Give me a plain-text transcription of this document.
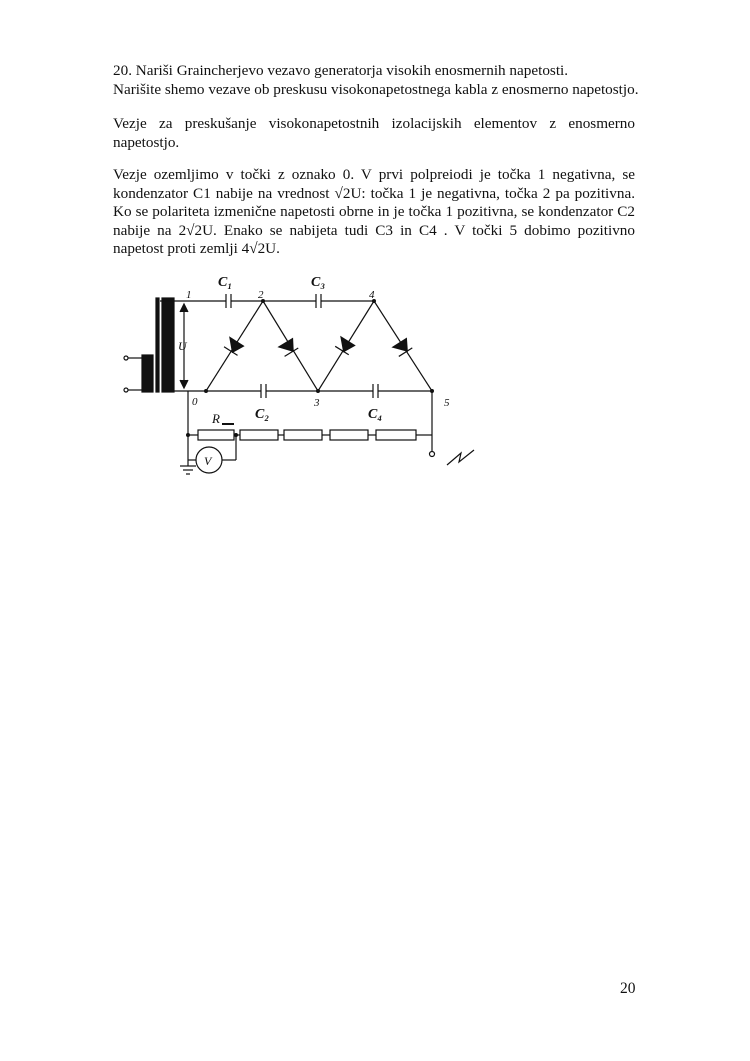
20. Nariši Graincherjevo vezavo generatorja visokih enosmernih napetosti.
Narišite shemo vezave ob preskusu visokonapetostnega kabla z enosmerno napetostjo.

Vezje za preskušanje visokonapetostnih izolacijskih elementov z enosmerno napetostjo.

Vezje ozemljimo v točki z oznako 0. V prvi polpreiodi je točka 1 negativna, se kondenzator C1 nabije na vrednost √2U: točka 1 je negativna, točka 2 pa pozitivna. Ko se polariteta izmenične napetosti obrne in je točka 1 pozitivna, se kondenzator C2 nabije na 2√2U. Enako se nabijeta tudi C3 in C4 . V točki 5 dobimo pozitivno napetost proti zemlji 4√2U.

C₁	C₃
C₂	C₄
1	2	4
0	3	5
U
R
V
20
